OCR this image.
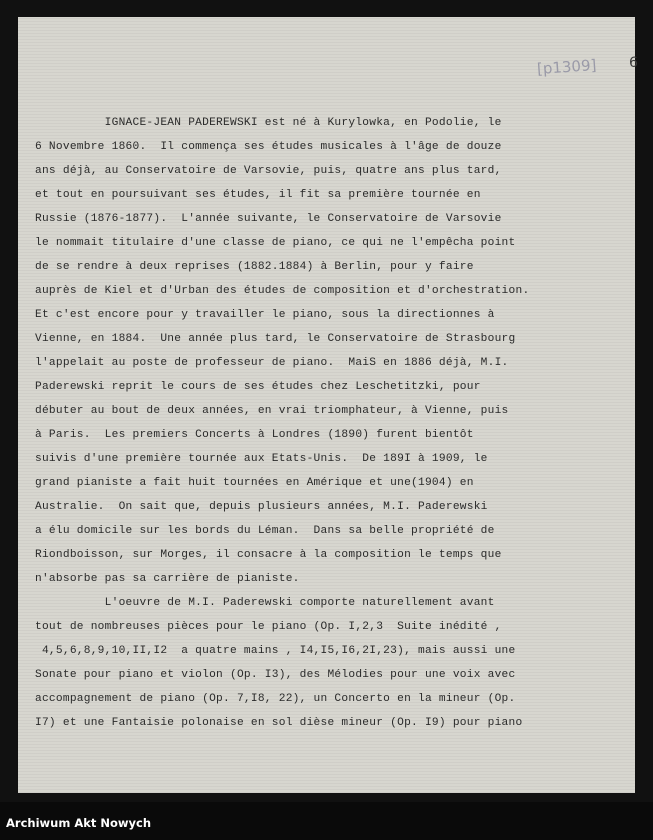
[p1309] 6
IGNACE-JEAN PADEREWSKI est né à Kurylowka, en Podolie, le
6 Novembre 1860.  Il commença ses études musicales à l'âge de douze
ans déjà, au Conservatoire de Varsovie, puis, quatre ans plus tard,
et tout en poursuivant ses études, il fit sa première tournée en
Russie (1876-1877).  L'année suivante, le Conservatoire de Varsovie
le nommait titulaire d'une classe de piano, ce qui ne l'empêcha point
de se rendre à deux reprises (1882.1884) à Berlin, pour y faire
auprès de Kiel et d'Urban des études de composition et d'orchestration.
Et c'est encore pour y travailler le piano, sous la directionnes à
Vienne, en 1884.  Une année plus tard, le Conservatoire de Strasbourg
l'appelait au poste de professeur de piano.  MaiS en 1886 déjà, M.I.
Paderewski reprit le cours de ses études chez Leschetitzki, pour
débuter au bout de deux années, en vrai triomphateur, à Vienne, puis
à Paris.  Les premiers Concerts à Londres (1890) furent bientôt
suivis d'une première tournée aux Etats-Unis.  De 189I à 1909, le
grand pianiste a fait huit tournées en Amérique et une(1904) en
Australie.  On sait que, depuis plusieurs années, M.I. Paderewski
a élu domicile sur les bords du Léman.  Dans sa belle propriété de
Riondboisson, sur Morges, il consacre à la composition le temps que
n'absorbe pas sa carrière de pianiste.
L'oeuvre de M.I. Paderewski comporte naturellement avant
tout de nombreuses pièces pour le piano (Op. I,2,3  Suite inédité ,
4,5,6,8,9,10,II,I2  a quatre mains , I4,I5,I6,2I,23), mais aussi une
Sonate pour piano et violon (Op. I3), des Mélodies pour une voix avec
accompagnement de piano (Op. 7,I8, 22), un Concerto en la mineur (Op.
I7) et une Fantaisie polonaise en sol dièse mineur (Op. I9) pour piano
Archiwum Akt Nowych
